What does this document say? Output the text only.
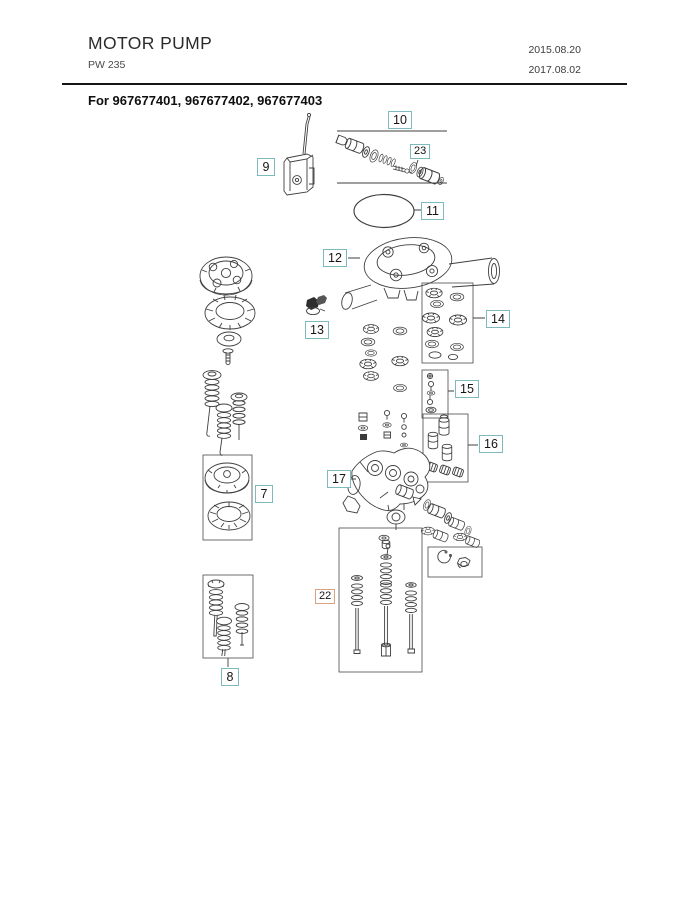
MOTOR PUMP
PW 235
2015.08.20
2017.08.02
For 967677401, 967677402, 967677403
9
10
23
11
12
13
14
15
16
17
7
22
8
